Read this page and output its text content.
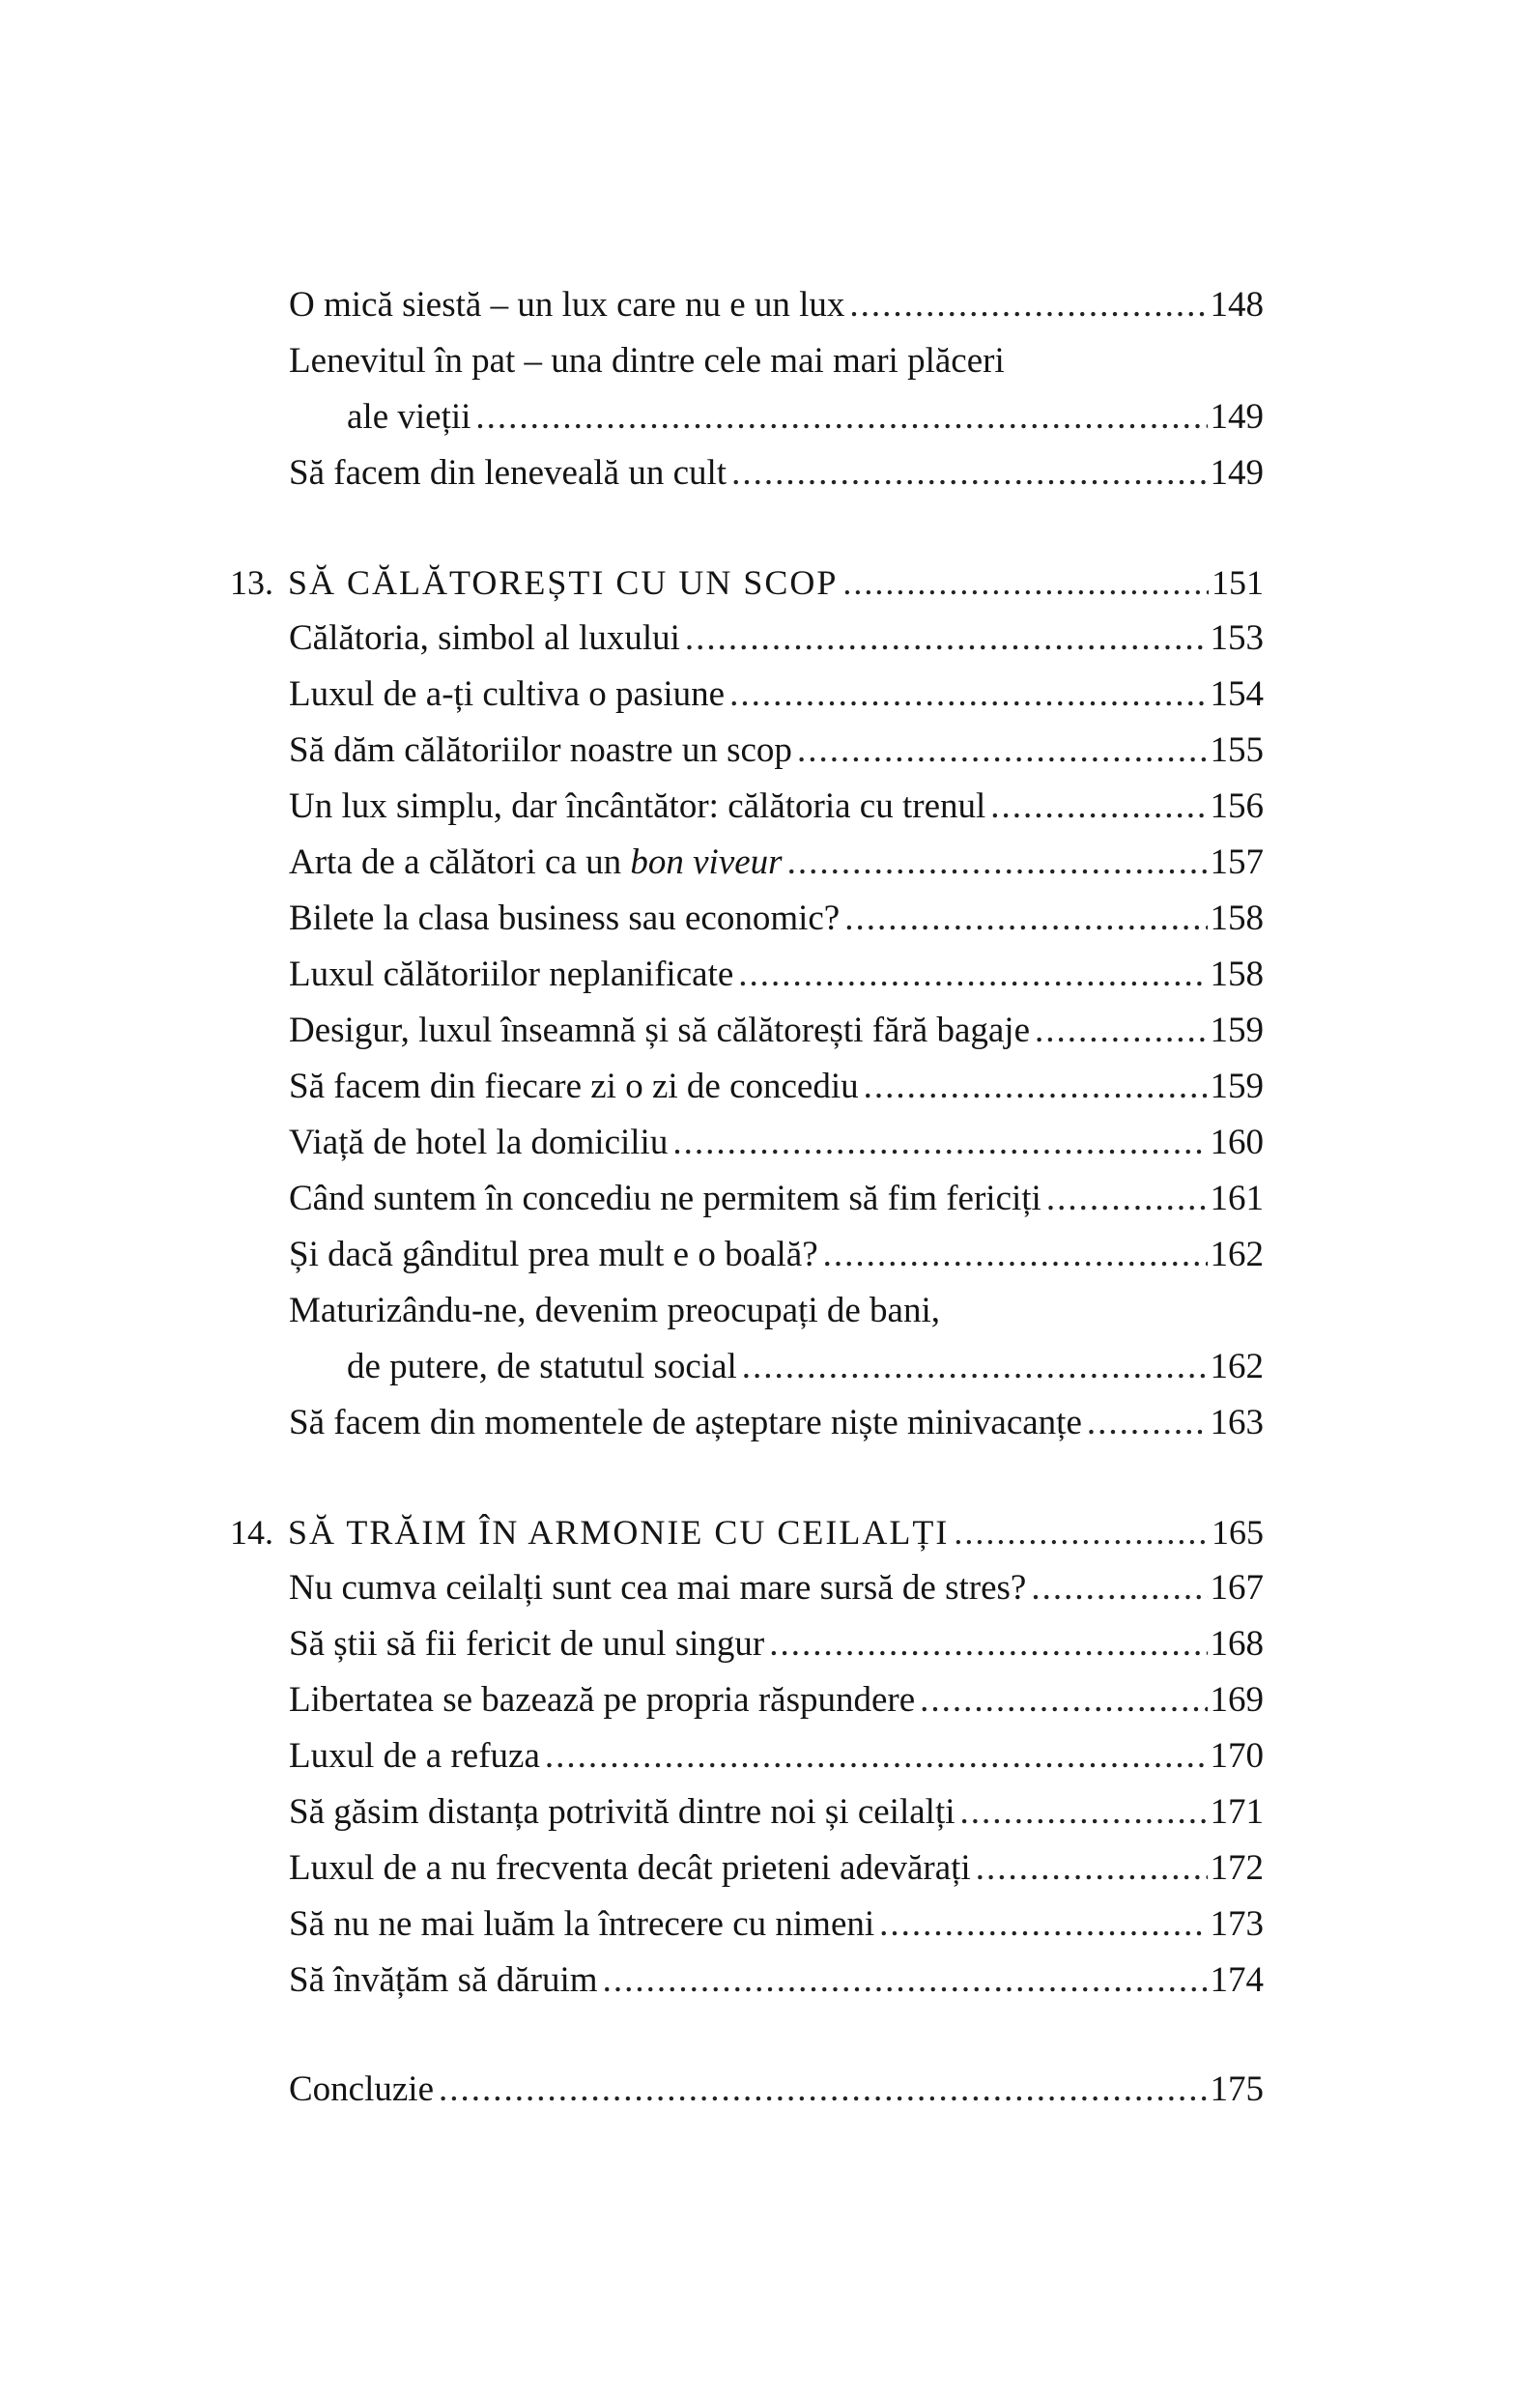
O mică siestă – un lux care nu e un lux .....	148
Lenevitul în pat – una dintre cele mai mari plăceri
ale vieții .....	149
Să facem din leneveală un cult .....	149
13. SĂ CĂLĂTOREȘTI CU UN SCOP .....	151
Călătoria, simbol al luxului .....	153
Luxul de a-ți cultiva o pasiune .....	154
Să dăm călătoriilor noastre un scop .....	155
Un lux simplu, dar încântător: călătoria cu trenul .....	156
Arta de a călători ca un bon viveur .....	157
Bilete la clasa business sau economic? .....	158
Luxul călătoriilor neplanificate .....	158
Desigur, luxul înseamnă și să călătorești fără bagaje .....	159
Să facem din fiecare zi o zi de concediu .....	159
Viață de hotel la domiciliu .....	160
Când suntem în concediu ne permitem să fim fericiți .....	161
Și dacă gânditul prea mult e o boală? .....	162
Maturizându-ne, devenim preocupați de bani,
de putere, de statutul social .....	162
Să facem din momentele de așteptare niște minivacanțe .....	163
14. SĂ TRĂIM ÎN ARMONIE CU CEILALȚI .....	165
Nu cumva ceilalți sunt cea mai mare sursă de stres? .....	167
Să știi să fii fericit de unul singur .....	168
Libertatea se bazează pe propria răspundere .....	169
Luxul de a refuza .....	170
Să găsim distanța potrivită dintre noi și ceilalți .....	171
Luxul de a nu frecventa decât prieteni adevărați .....	172
Să nu ne mai luăm la întrecere cu nimeni .....	173
Să învățăm să dăruim .....	174
Concluzie .....	175
